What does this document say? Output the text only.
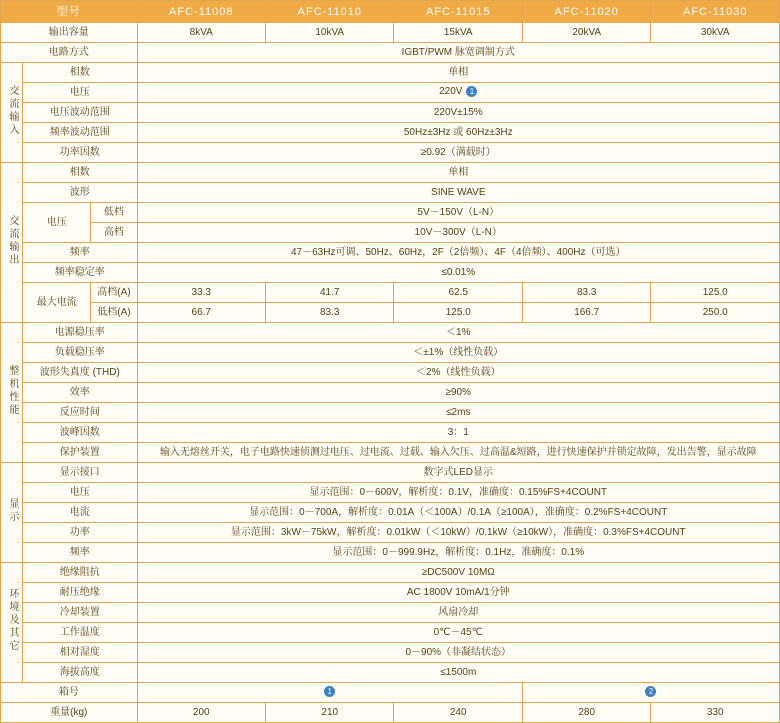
型号			AFC-11008	AFC-11010	AFC-11015	AFC-11020	AFC-11030
输出容量			8kVA	10kVA	15kVA	20kVA	30kVA
电路方式			IGBT/PWM 脉宽调制方式				
交流输入	相数		单相				
	电压		220V 1				
	电压波动范围		220V±15%				
	频率波动范围		50Hz±3Hz 或 60Hz±3Hz				
	功率因数		≥0.92（满载时）				
交流输出	相数		单相				
	波形		SINE WAVE				
	电压	低档	5V－150V（L-N）				
		高档	10V－300V（L-N）				
	频率		47－63Hz可调、50Hz、60Hz，2F（2倍频）、4F（4倍频）、400Hz（可选）				
	频率稳定率		≤0.01%				
	最大电流	高档(A)	33.3	41.7	62.5	83.3	125.0
		低档(A)	66.7	83.3	125.0	166.7	250.0
整机性能	电源稳压率		＜1%				
	负载稳压率		＜±1%（线性负载）				
	波形失真度 (THD)		＜2%（线性负载）				
	效率		≥90%				
	反应时间		≤2ms				
	波峰因数		3：1				
	保护装置		输入无熔丝开关，电子电路快速侦测过电压、过电流、过载、输入欠压、过高温&短路，进行快速保护并锁定故障，发出告警，显示故障				
显示	显示接口		数字式LED显示				
	电压		显示范围：0－600V，解析度：0.1V，准确度：0.15%FS+4COUNT				
	电流		显示范围：0－700A，解析度：0.01A（＜100A）/0.1A（≥100A），准确度：0.2%FS+4COUNT				
	功率		显示范围：3kW－75kW，解析度：0.01kW（＜10kW）/0.1kW（≥10kW），准确度：0.3%FS+4COUNT				
	频率		显示范围：0－999.9Hz，解析度：0.1Hz，准确度：0.1%				
环境及其它	绝缘阻抗		≥DC500V 10MΩ				
	耐压绝缘		AC 1800V 10mA/1分钟				
	冷却装置		风扇冷却				
	工作温度		0℃－45℃				
	相对湿度		0－90%（非凝结状态）				
	海拔高度		≤1500m				
箱号			1			2	
重量(kg)			200	210	240	280	330
